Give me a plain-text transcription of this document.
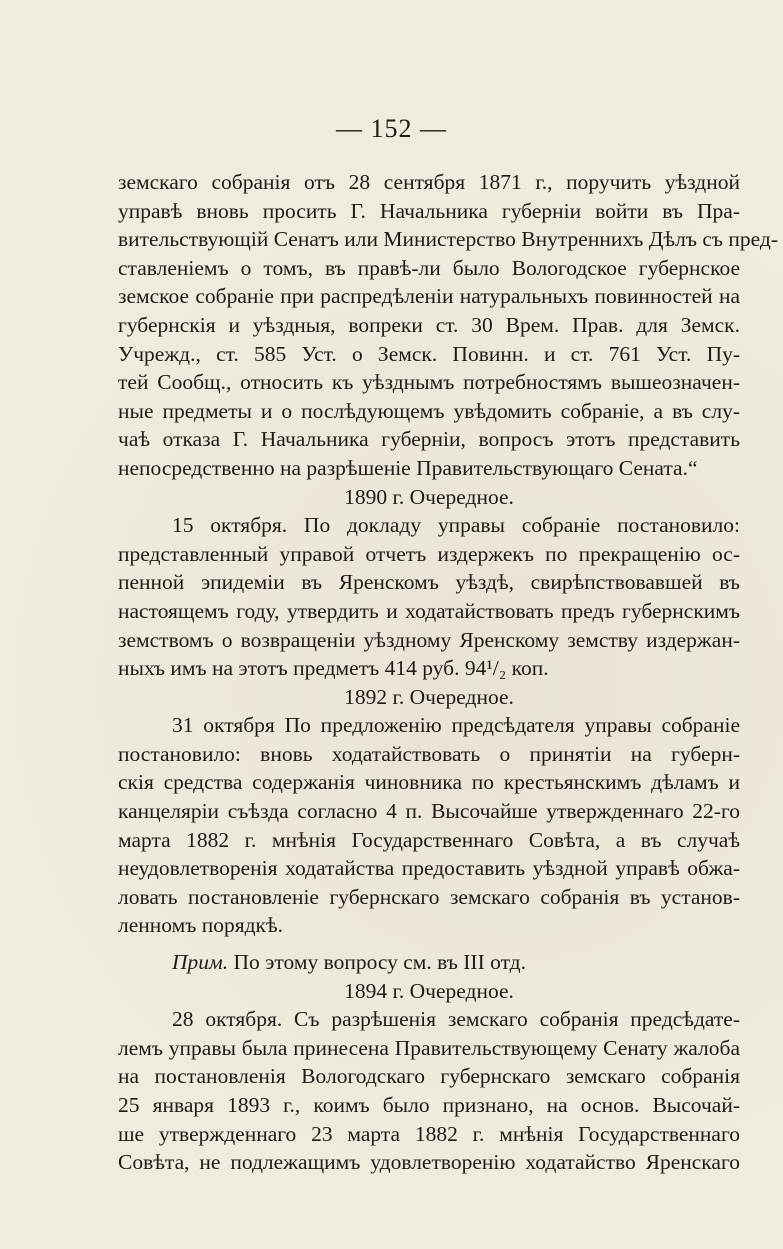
— 152 —
земскаго собранія отъ 28 сентября 1871 г., поручить уѣздной
управѣ вновь просить Г. Начальника губерніи войти въ Пра-
вительствующій Сенатъ или Министерство Внутреннихъ Дѣлъ съ пред-
ставленіемъ о томъ, въ правѣ-ли было Вологодское губернское
земское собраніе при распредѣленіи натуральныхъ повинностей на
губернскія и уѣздныя, вопреки ст. 30 Врем. Прав. для Земск.
Учрежд., ст. 585 Уст. о Земск. Повинн. и ст. 761 Уст. Пу-
тей Сообщ., относить къ уѣзднымъ потребностямъ вышеозначен-
ные предметы и о послѣдующемъ увѣдомить собраніе, а въ слу-
чаѣ отказа Г. Начальника губерніи, вопросъ этотъ представить
непосредственно на разрѣшеніе Правительствующаго Сената.“
1890 г. Очередное.
15 октября. По докладу управы собраніе постановило:
представленный управой отчетъ издержекъ по прекращенію ос-
пенной эпидеміи въ Яренскомъ уѣздѣ, свирѣпствовавшей въ
настоящемъ году, утвердить и ходатайствовать предъ губернскимъ
земствомъ о возвращеніи уѣздному Яренскому земству издержан-
ныхъ имъ на этотъ предметъ 414 руб. 94¹/₂ коп.
1892 г. Очередное.
31 октября По предложенію предсѣдателя управы собраніе
постановило: вновь ходатайствовать о принятіи на губерн-
скія средства содержанія чиновника по крестьянскимъ дѣламъ и
канцеляріи съѣзда согласно 4 п. Высочайше утвержденнаго 22-го
марта 1882 г. мнѣнія Государственнаго Совѣта, а въ случаѣ
неудовлетворенія ходатайства предоставить уѣздной управѣ обжа-
ловать постановленіе губернскаго земскаго собранія въ установ-
ленномъ порядкѣ.
Прим. По этому вопросу см. въ III отд.
1894 г. Очередное.
28 октября. Съ разрѣшенія земскаго собранія предсѣдате-
лемъ управы была принесена Правительствующему Сенату жалоба
на постановленія Вологодскаго губернскаго земскаго собранія
25 января 1893 г., коимъ было признано, на основ. Высочай-
ше утвержденнаго 23 марта 1882 г. мнѣнія Государственнаго
Совѣта, не подлежащимъ удовлетворенію ходатайство Яренскаго
